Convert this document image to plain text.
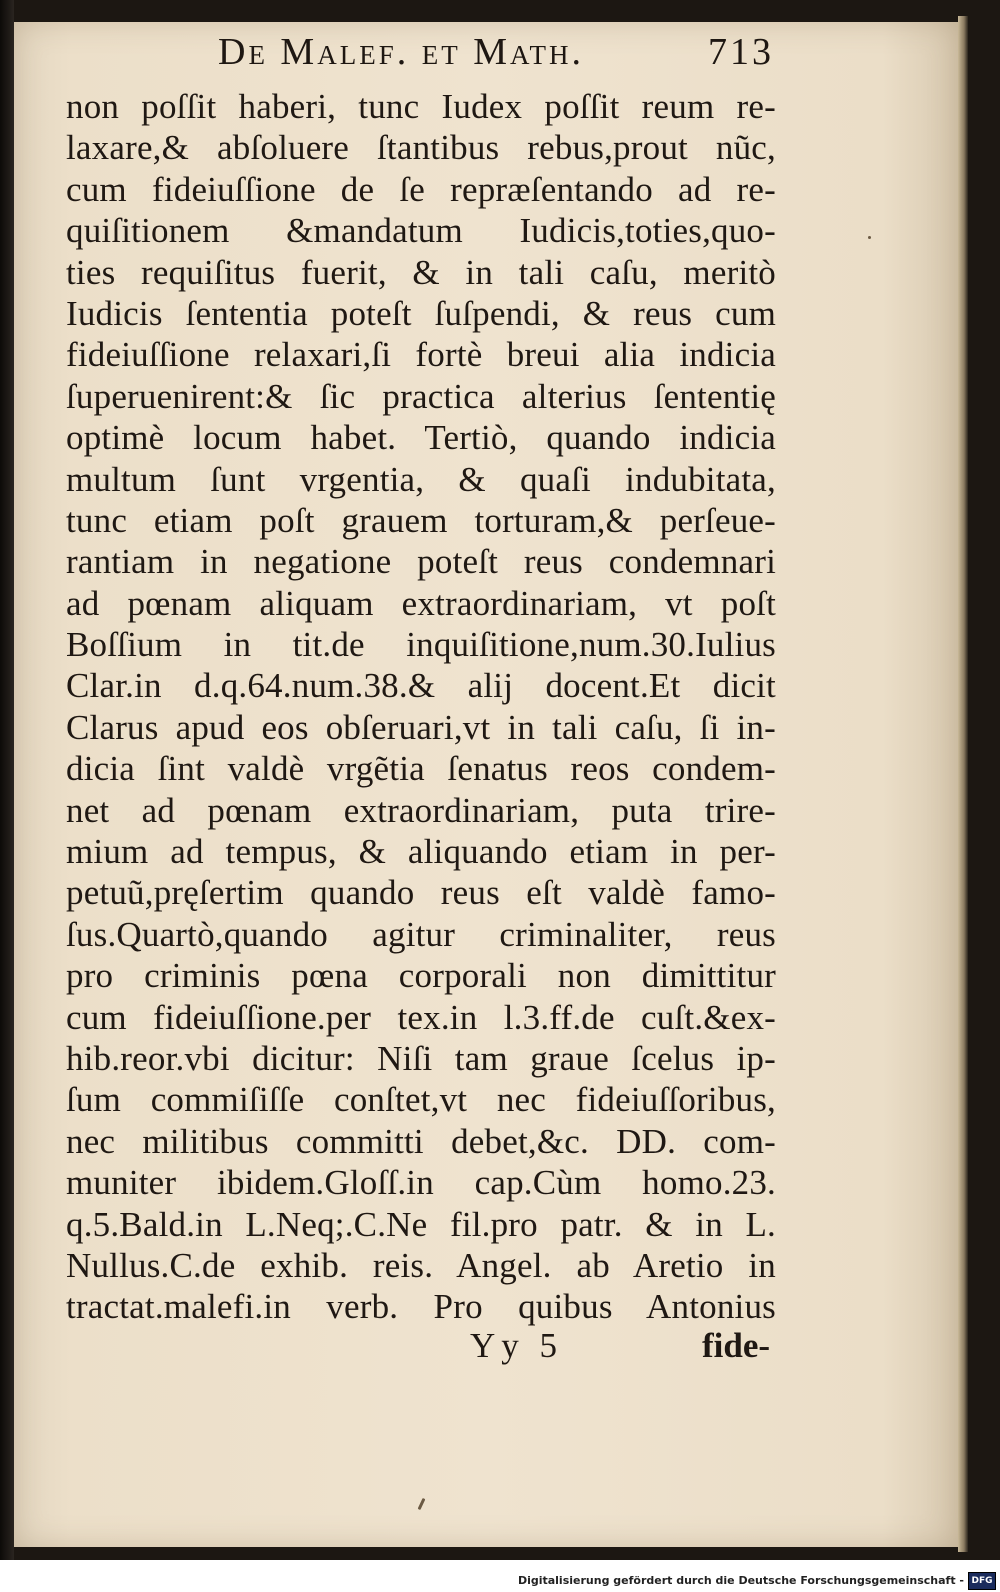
De Malef. et Math.	713
non poſſit haberi, tunc Iudex poſſit reum re-
laxare,& abſoluere ſtantibus rebus,prout nũc,
cum fideiuſſione de ſe repræſentando ad re-
quiſitionem &mandatum Iudicis,toties,quo-
ties requiſitus fuerit, & in tali caſu, meritò
Iudicis ſententia poteſt ſuſpendi, & reus cum
fideiuſſione relaxari,ſi fortè breui alia indicia
ſuperuenirent:& ſic practica alterius ſententię
optimè locum habet. Tertiò, quando indicia
multum ſunt vrgentia, & quaſi indubitata,
tunc etiam poſt grauem torturam,& perſeue-
rantiam in negatione poteſt reus condemnari
ad pœnam aliquam extraordinariam, vt poſt
Boſſium in tit.de inquiſitione,num.30.Iulius
Clar.in d.q.64.num.38.& alij docent.Et dicit
Clarus apud eos obſeruari,vt in tali caſu, ſi in-
dicia ſint valdè vrgẽtia ſenatus reos condem-
net ad pœnam extraordinariam, puta trire-
mium ad tempus, & aliquando etiam in per-
petuũ,pręſertim quando reus eſt valdè famo-
ſus.Quartò,quando agitur criminaliter, reus
pro criminis pœna corporali non dimittitur
cum fideiuſſione.per tex.in l.3.ff.de cuſt.&ex-
hib.reor.vbi dicitur: Niſi tam graue ſcelus ip-
ſum commiſiſſe conſtet,vt nec fideiuſſoribus,
nec militibus committi debet,&c. DD. com-
muniter ibidem.Gloſſ.in cap.Cùm homo.23.
q.5.Bald.in L.Neq;.C.Ne fil.pro patr. & in L.
Nullus.C.de exhib. reis. Angel. ab Aretio in
tractat.malefi.in verb. Pro quibus Antonius
Yy 5	fide-
Digitalisierung gefördert durch die Deutsche Forschungsgemeinschaft - DFG
